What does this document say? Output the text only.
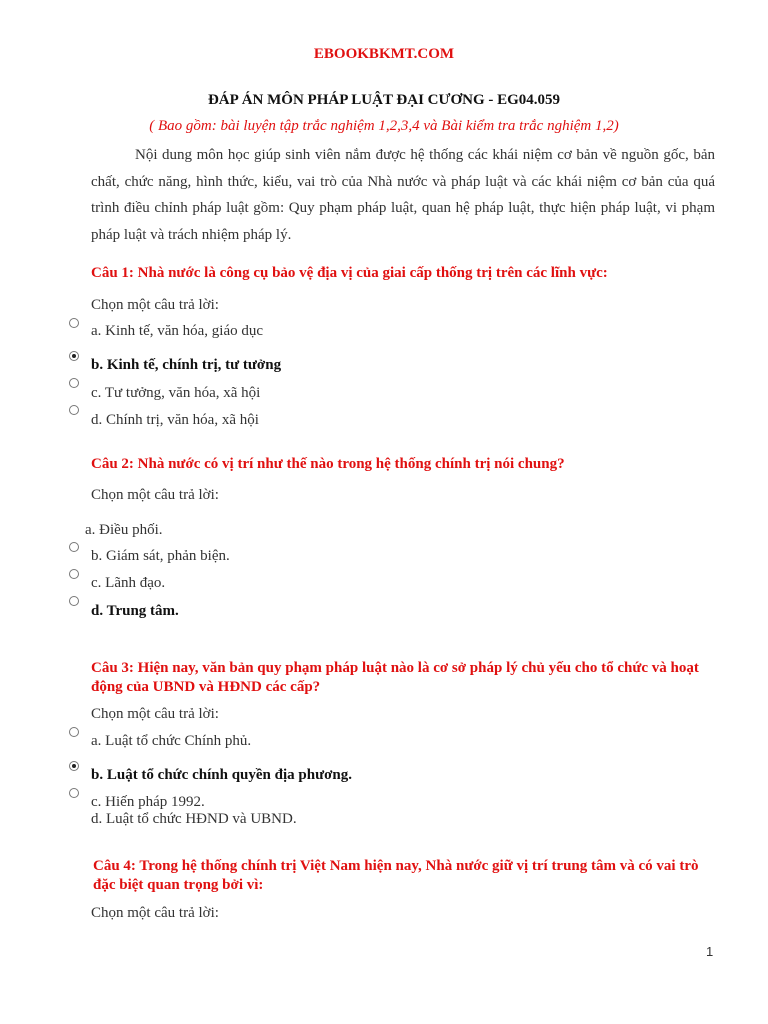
EBOOKBKMT.COM
ĐÁP ÁN MÔN PHÁP LUẬT ĐẠI CƯƠNG - EG04.059
( Bao gồm: bài luyện tập trắc nghiệm 1,2,3,4 và Bài kiểm tra trắc nghiệm 1,2)
Nội dung môn học giúp sinh viên nắm được hệ thống các khái niệm cơ bản về nguồn gốc, bản chất, chức năng, hình thức, kiểu, vai trò của Nhà nước và pháp luật và các khái niệm cơ bản của quá trình điều chỉnh pháp luật gồm: Quy phạm pháp luật, quan hệ pháp luật, thực hiện pháp luật, vi phạm pháp luật và trách nhiệm pháp lý.
Câu 1: Nhà nước là công cụ bảo vệ địa vị của giai cấp thống trị trên các lĩnh vực:
Chọn một câu trả lời:
a. Kinh tế, văn hóa, giáo dục
b. Kinh tế, chính trị, tư tưởng
c. Tư tưởng, văn hóa, xã hội
d. Chính trị, văn hóa, xã hội
Câu 2: Nhà nước có vị trí như thế nào trong hệ thống chính trị nói chung?
Chọn một câu trả lời:
a. Điều phối.
b. Giám sát, phản biện.
c. Lãnh đạo.
d. Trung tâm.
Câu 3: Hiện nay, văn bản quy phạm pháp luật nào là cơ sở pháp lý chủ yếu cho tổ chức và hoạt động của UBND và HĐND các cấp?
Chọn một câu trả lời:
a. Luật tổ chức Chính phủ.
b. Luật tổ chức chính quyền địa phương.
c. Hiến pháp 1992.
d. Luật tổ chức HĐND và UBND.
Câu 4: Trong hệ thống chính trị Việt Nam hiện nay, Nhà nước giữ vị trí trung tâm và có vai trò đặc biệt quan trọng bởi vì:
Chọn một câu trả lời:
1
